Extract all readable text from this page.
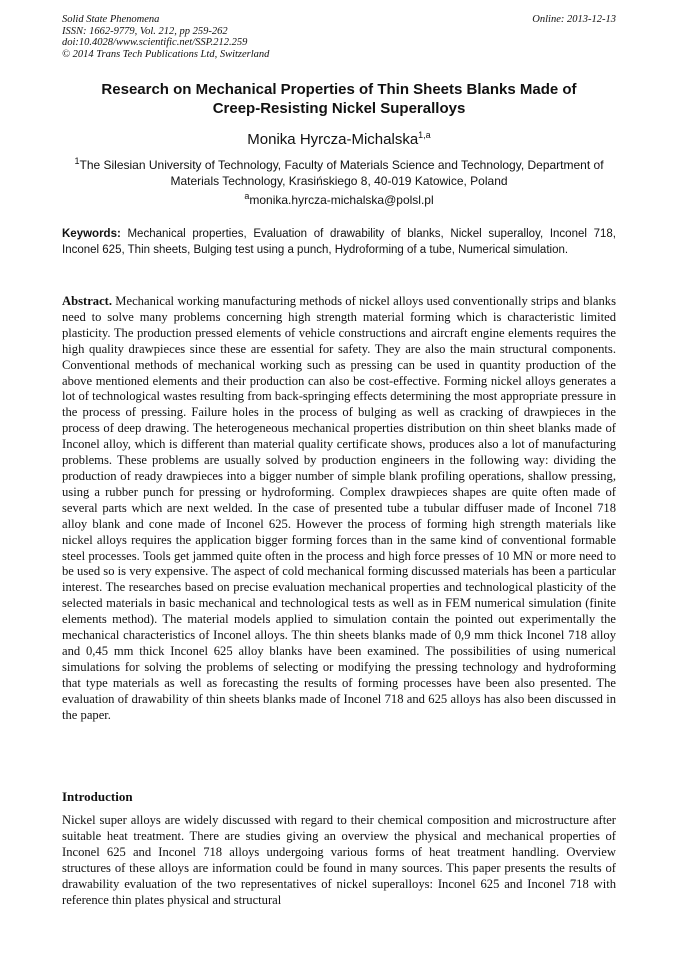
Solid State Phenomena
ISSN: 1662-9779, Vol. 212, pp 259-262
doi:10.4028/www.scientific.net/SSP.212.259
© 2014 Trans Tech Publications Ltd, Switzerland
Online: 2013-12-13
Research on Mechanical Properties of Thin Sheets Blanks Made of
Creep-Resisting Nickel Superalloys
Monika Hyrcza-Michalska$^{1,a}$
$^1$The Silesian University of Technology, Faculty of Materials Science and Technology, Department of Materials Technology, Krasińskiego 8, 40-019 Katowice, Poland
$^a$monika.hyrcza-michalska@polsl.pl
Keywords: Mechanical properties, Evaluation of drawability of blanks, Nickel superalloy, Inconel 718, Inconel 625, Thin sheets, Bulging test using a punch, Hydroforming of a tube, Numerical simulation.
Abstract. Mechanical working manufacturing methods of nickel alloys used conventionally strips and blanks need to solve many problems concerning high strength material forming which is characteristic limited plasticity. The production pressed elements of vehicle constructions and aircraft engine elements requires the high quality drawpieces since these are essential for safety. They are also the main structural components. Conventional methods of mechanical working such as pressing can be used in quantity production of the above mentioned elements and their production can also be cost-effective. Forming nickel alloys generates a lot of technological wastes resulting from back-springing effects determining the most appropriate pressure in the process of pressing. Failure holes in the process of bulging as well as cracking of drawpieces in the process of deep drawing. The heterogeneous mechanical properties distribution on thin sheet blanks made of Inconel alloy, which is different than material quality certificate shows, produces also a lot of manufacturing problems. These problems are usually solved by production engineers in the following way: dividing the production of ready drawpieces into a bigger number of simple blank profiling operations, shallow pressing, using a rubber punch for pressing or hydroforming. Complex drawpieces shapes are quite often made of several parts which are next welded. In the case of presented tube a tubular diffuser made of Inconel 718 alloy blank and cone made of Inconel 625. However the process of forming high strength materials like nickel alloys requires the application bigger forming forces than in the same kind of conventional formable steel processes. Tools get jammed quite often in the process and high force presses of 10 MN or more need to be used so is very expensive. The aspect of cold mechanical forming discussed materials has been a particular interest. The researches based on precise evaluation mechanical properties and technological plasticity of the selected materials in basic mechanical and technological tests as well as in FEM numerical simulation (finite elements method). The material models applied to simulation contain the pointed out experimentally the mechanical characteristics of Inconel alloys. The thin sheets blanks made of 0,9 mm thick Inconel 718 alloy and 0,45 mm thick Inconel 625 alloy blanks have been examined. The possibilities of using numerical simulations for solving the problems of selecting or modifying the pressing technology and hydroforming that type materials as well as forecasting the results of forming processes have been also presented. The evaluation of drawability of thin sheets blanks made of Inconel 718 and 625 alloys has also been discussed in the paper.
Introduction
Nickel super alloys are widely discussed with regard to their chemical composition and microstructure after suitable heat treatment. There are studies giving an overview the physical and mechanical properties of Inconel 625 and Inconel 718 alloys undergoing various forms of heat treatment handling. Overview structures of these alloys are information could be found in many sources. This paper presents the results of drawability evaluation of the two representatives of nickel superalloys: Inconel 625 and Inconel 718 with reference thin plates physical and structural
